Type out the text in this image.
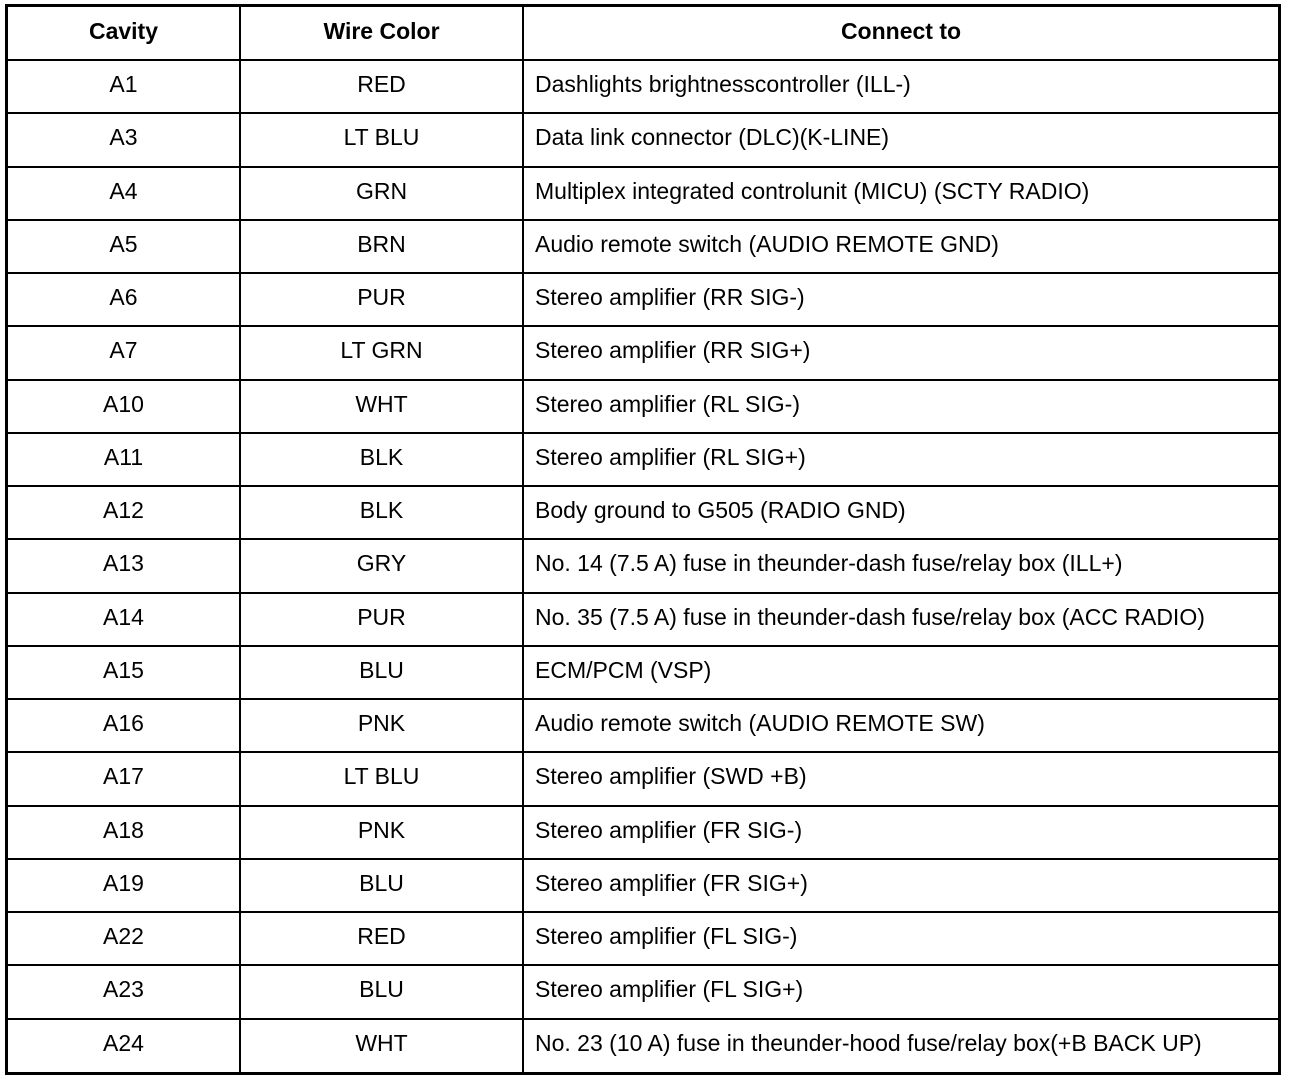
Cavity	Wire Color	Connect to
A1	RED	Dashlights brightnesscontroller (ILL-)
A3	LT BLU	Data link connector (DLC)(K-LINE)
A4	GRN	Multiplex integrated controlunit (MICU) (SCTY RADIO)
A5	BRN	Audio remote switch (AUDIO REMOTE GND)
A6	PUR	Stereo amplifier (RR SIG-)
A7	LT GRN	Stereo amplifier (RR SIG+)
A10	WHT	Stereo amplifier (RL SIG-)
A11	BLK	Stereo amplifier (RL SIG+)
A12	BLK	Body ground to G505 (RADIO GND)
A13	GRY	No. 14 (7.5 A) fuse in theunder-dash fuse/relay box (ILL+)
A14	PUR	No. 35 (7.5 A) fuse in theunder-dash fuse/relay box (ACC RADIO)
A15	BLU	ECM/PCM (VSP)
A16	PNK	Audio remote switch (AUDIO REMOTE SW)
A17	LT BLU	Stereo amplifier (SWD +B)
A18	PNK	Stereo amplifier (FR SIG-)
A19	BLU	Stereo amplifier (FR SIG+)
A22	RED	Stereo amplifier (FL SIG-)
A23	BLU	Stereo amplifier (FL SIG+)
A24	WHT	No. 23 (10 A) fuse in theunder-hood fuse/relay box(+B BACK UP)
